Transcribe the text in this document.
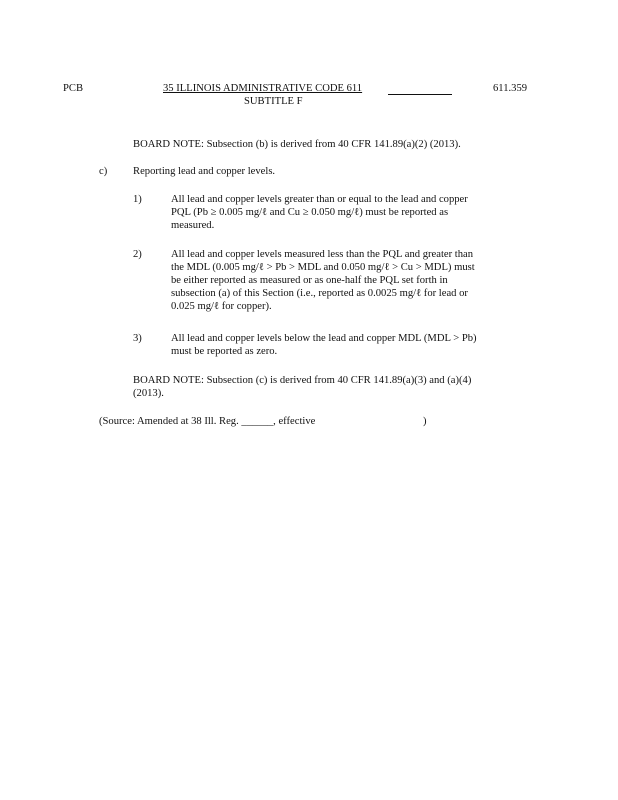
PCB	35 ILLINOIS ADMINISTRATIVE CODE 611
SUBTITLE F
611.359
BOARD NOTE: Subsection (b) is derived from 40 CFR 141.89(a)(2) (2013).
c) Reporting lead and copper levels.
1)	All lead and copper levels greater than or equal to the lead and copper
PQL (Pb ≥ 0.005 mg/ℓ and Cu ≥ 0.050 mg/ℓ) must be reported as
measured.
2)	All lead and copper levels measured less than the PQL and greater than
the MDL (0.005 mg/ℓ > Pb > MDL and 0.050 mg/ℓ > Cu > MDL) must
be either reported as measured or as one-half the PQL set forth in
subsection (a) of this Section (i.e., reported as 0.0025 mg/ℓ for lead or
0.025 mg/ℓ for copper).
3)	All lead and copper levels below the lead and copper MDL (MDL > Pb)
must be reported as zero.
BOARD NOTE: Subsection (c) is derived from 40 CFR 141.89(a)(3) and (a)(4)
(2013).
(Source: Amended at 38 Ill. Reg. ______, effective	)
